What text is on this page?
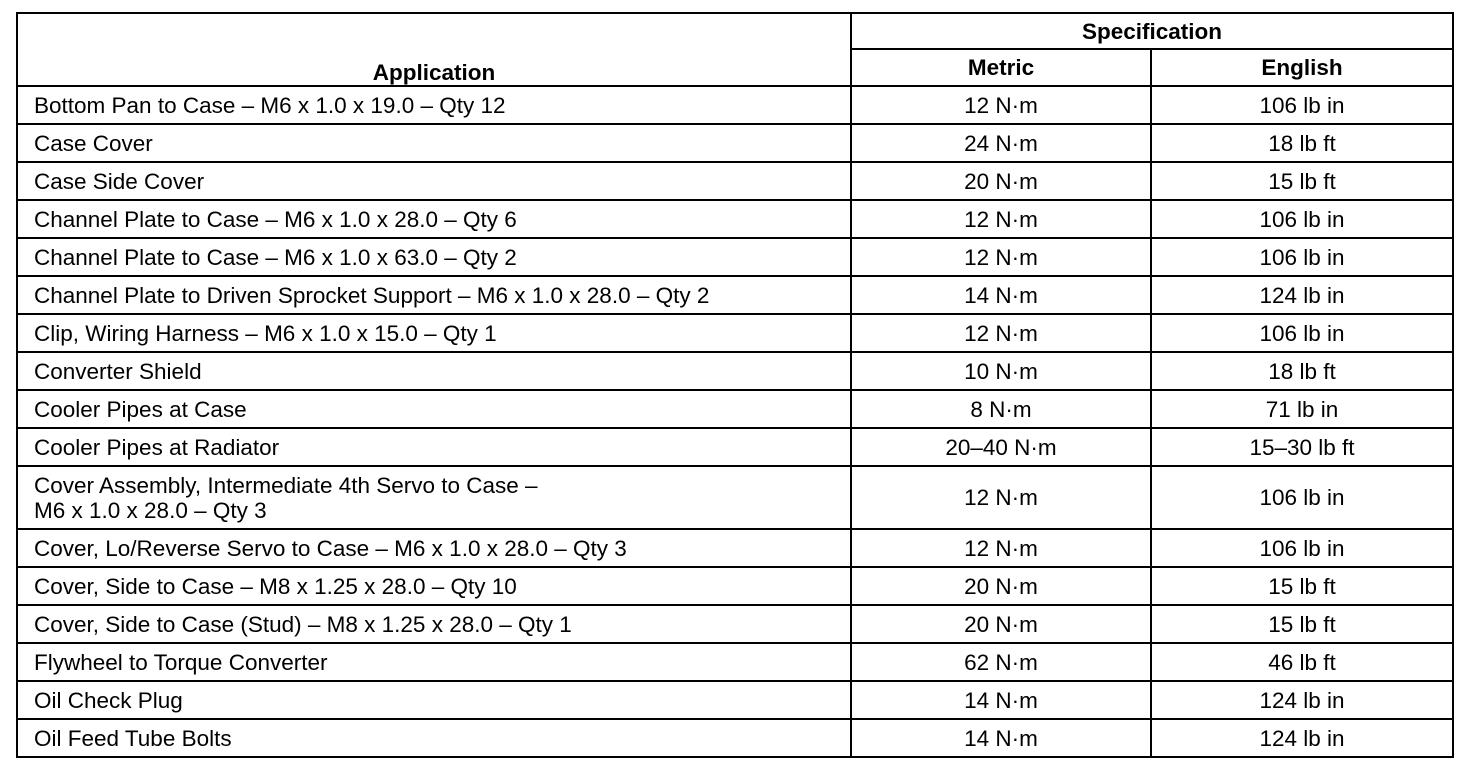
Application	Specification	
	Metric	English
Bottom Pan to Case – M6 x 1.0 x 19.0 – Qty 12	12 N·m	106 lb in
Case Cover	24 N·m	18 lb ft
Case Side Cover	20 N·m	15 lb ft
Channel Plate to Case – M6 x 1.0 x 28.0 – Qty 6	12 N·m	106 lb in
Channel Plate to Case – M6 x 1.0 x 63.0 – Qty 2	12 N·m	106 lb in
Channel Plate to Driven Sprocket Support – M6 x 1.0 x 28.0 – Qty 2	14 N·m	124 lb in
Clip, Wiring Harness – M6 x 1.0 x 15.0 – Qty 1	12 N·m	106 lb in
Converter Shield	10 N·m	18 lb ft
Cooler Pipes at Case	8 N·m	71 lb in
Cooler Pipes at Radiator	20–40 N·m	15–30 lb ft
Cover Assembly, Intermediate 4th Servo to Case –
M6 x 1.0 x 28.0 – Qty 3	12 N·m	106 lb in
Cover, Lo/Reverse Servo to Case – M6 x 1.0 x 28.0 – Qty 3	12 N·m	106 lb in
Cover, Side to Case – M8 x 1.25 x 28.0 – Qty 10	20 N·m	15 lb ft
Cover, Side to Case (Stud) – M8 x 1.25 x 28.0 – Qty 1	20 N·m	15 lb ft
Flywheel to Torque Converter	62 N·m	46 lb ft
Oil Check Plug	14 N·m	124 lb in
Oil Feed Tube Bolts	14 N·m	124 lb in
